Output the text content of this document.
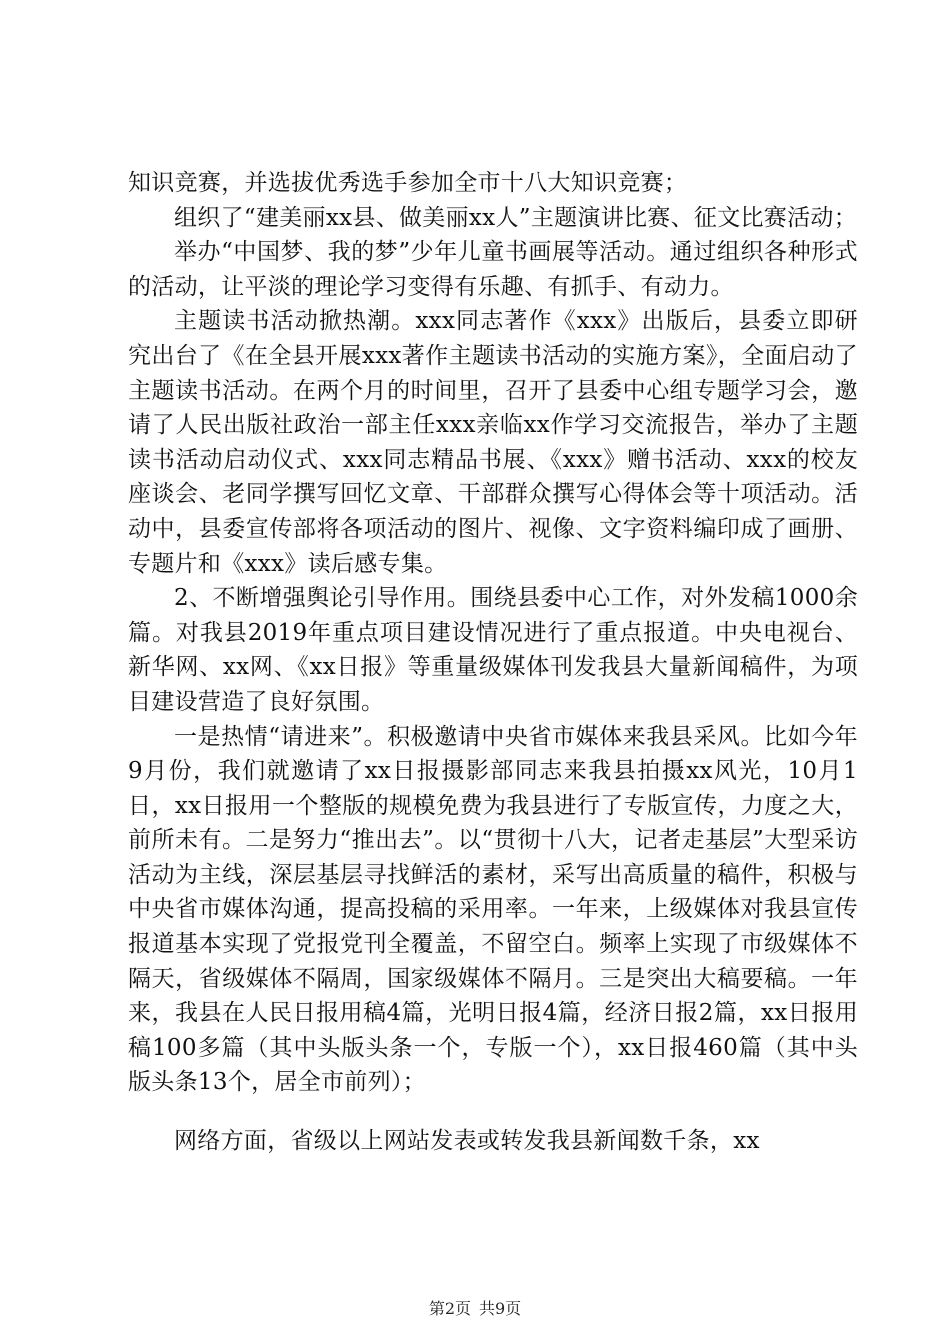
知识竞赛，并选拔优秀选手参加全市十八大知识竞赛；

组织了“建美丽xx县、做美丽xx人”主题演讲比赛、征文比赛活动；

举办“中国梦、我的梦”少年儿童书画展等活动。通过组织各种形式的活动，让平淡的理论学习变得有乐趣、有抓手、有动力。

主题读书活动掀热潮。xxx同志著作《xxx》出版后，县委立即研究出台了《在全县开展xxx著作主题读书活动的实施方案》，全面启动了主题读书活动。在两个月的时间里，召开了县委中心组专题学习会，邀请了人民出版社政治一部主任xxx亲临xx作学习交流报告，举办了主题读书活动启动仪式、xxx同志精品书展、《xxx》赠书活动、xxx的校友座谈会、老同学撰写回忆文章、干部群众撰写心得体会等十项活动。活动中，县委宣传部将各项活动的图片、视像、文字资料编印成了画册、专题片和《xxx》读后感专集。

2、不断增强舆论引导作用。围绕县委中心工作，对外发稿1000余篇。对我县2019年重点项目建设情况进行了重点报道。中央电视台、新华网、xx网、《xx日报》等重量级媒体刊发我县大量新闻稿件，为项目建设营造了良好氛围。

一是热情“请进来”。积极邀请中央省市媒体来我县采风。比如今年9月份，我们就邀请了xx日报摄影部同志来我县拍摄xx风光，10月1日，xx日报用一个整版的规模免费为我县进行了专版宣传，力度之大，前所未有。二是努力“推出去”。以“贯彻十八大，记者走基层”大型采访活动为主线，深层基层寻找鲜活的素材，采写出高质量的稿件，积极与中央省市媒体沟通，提高投稿的采用率。一年来，上级媒体对我县宣传报道基本实现了党报党刊全覆盖，不留空白。频率上实现了市级媒体不隔天，省级媒体不隔周，国家级媒体不隔月。三是突出大稿要稿。一年来，我县在人民日报用稿4篇，光明日报4篇，经济日报2篇，xx日报用稿100多篇（其中头版头条一个，专版一个），xx日报460篇（其中头版头条13个，居全市前列）；

网络方面，省级以上网站发表或转发我县新闻数千条，xx

第2页 共9页
